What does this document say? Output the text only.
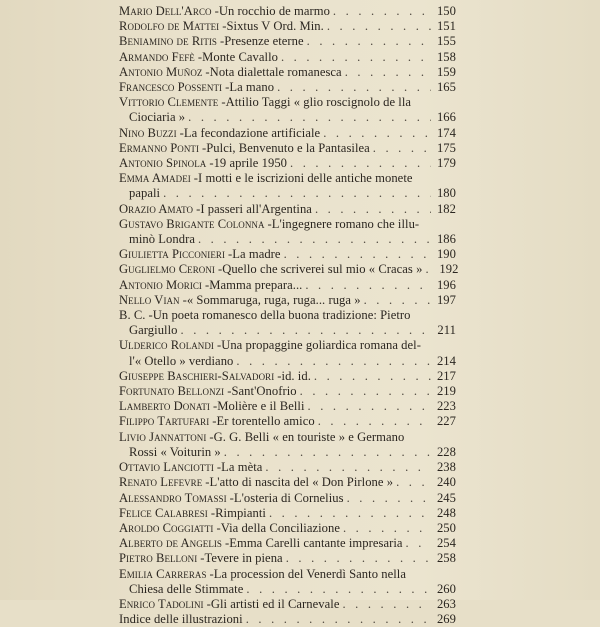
Mario Dell'Arco - Un rocchio de marmo . . .	150
Rodolfo de Mattei - Sixtus V Ord. Min. . . .	151
Beniamino de Ritis - Presenze eterne . . .	155
Armando Fefè - Monte Cavallo . . .	158
Antonio Muñoz - Nota dialettale romanesca . . .	159
Francesco Possenti - La mano . . .	165
Vittorio Clemente - Attilio Taggi « glio roscignolo de lla
Ciociaria » . . .	166
Nino Buzzi - La fecondazione artificiale . . .	174
Ermanno Ponti - Pulci, Benvenuto e la Pantasilea . . .	175
Antonio Spinola - 19 aprile 1950 . . .	179
Emma Amadei - I motti e le iscrizioni delle antiche monete
papali . . .	180
Orazio Amato - I passeri all'Argentina . . .	182
Gustavo Brigante Colonna - L'ingegnere romano che illu-
minò Londra . . .	186
Giulietta Picconieri - La madre . . .	190
Guglielmo Ceroni - Quello che scriverei sul mio « Cracas » . . . 192
Antonio Morici - Mamma prepara... . . .	196
Nello Vian - « Sommaruga, ruga, ruga... ruga » . . .	197
B. C. - Un poeta romanesco della buona tradizione: Pietro
Gargiullo . . .	211
Ulderico Rolandi - Una propaggine goliardica romana del-
l'« Otello » verdiano . . .	214
Giuseppe Baschieri-Salvadori - id. id. . . .	217
Fortunato Bellonzi - Sant'Onofrio . . .	219
Lamberto Donati - Molière e il Belli . . .	223
Filippo Tartufari - Er torentello amico . . .	227
Livio Jannattoni - G. G. Belli « en touriste » e Germano
Rossi « Voiturin » . . .	228
Ottavio Lanciotti - La mèta . . .	238
Renato Lefevre - L'atto di nascita del « Don Pirlone » . . .	240
Alessandro Tomassi - L'osteria di Cornelius . . .	245
Felice Calabresi - Rimpianti . . .	248
Aroldo Coggiatti - Via della Conciliazione . . .	250
Alberto de Angelis - Emma Carelli cantante impresaria . . .	254
Pietro Belloni - Tevere in piena . . .	258
Emilia Carreras - La procession del Venerdì Santo nella
Chiesa delle Stimmate . . .	260
Enrico Tadolini - Gli artisti ed il Carnevale . . .	263
Indice delle illustrazioni . . .	269
